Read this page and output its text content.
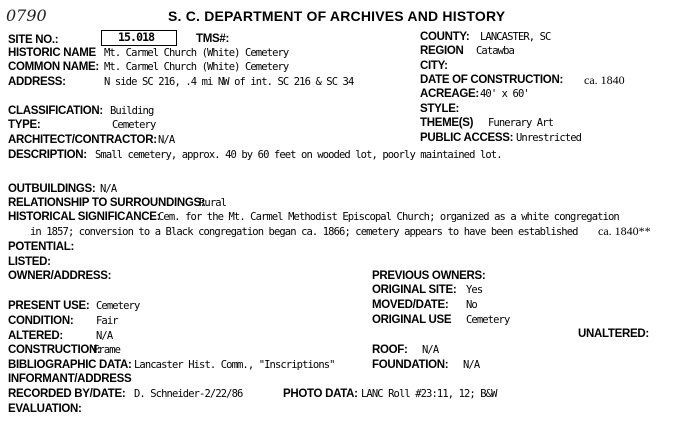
0790	S. C. DEPARTMENT OF ARCHIVES AND HISTORY
SITE NO.:	15.018	TMS#:
HISTORIC NAME Mt. Carmel Church (White) Cemetery
COMMON NAME: Mt. Carmel Church (White) Cemetery
ADDRESS:	N side SC 216, .4 mi NW of int. SC 216 & SC 34
CLASSIFICATION: Building
TYPE:	Cemetery
ARCHITECT/CONTRACTOR: N/A
DESCRIPTION: Small cemetery, approx. 40 by 60 feet on wooded lot, poorly maintained lot.
COUNTY: LANCASTER, SC
REGION Catawba
CITY:
DATE OF CONSTRUCTION: ca. 1840
ACREAGE: 40' x 60'
STYLE:
THEME(S) Funerary Art
PUBLIC ACCESS: Unrestricted
OUTBUILDINGS: N/A
RELATIONSHIP TO SURROUNDINGS:
Rural
HISTORICAL SIGNIFICANCE:
Cem. for the Mt. Carmel Methodist Episcopal Church; organized as a white congregation
in 1857; conversion to a Black congregation began ca. 1866; cemetery appears to have been established ca. 1840**
POTENTIAL:
LISTED:
OWNER/ADDRESS:
PRESENT USE: Cemetery
CONDITION: Fair
ALTERED:	N/A
CONSTRUCTION:
Frame
BIBLIOGRAPHIC DATA: Lancaster Hist. Comm., "Inscriptions"
INFORMANT/ADDRESS
RECORDED BY/DATE: D. Schneider-2/22/86	PHOTO DATA: LANC Roll #23:11, 12; B&W
EVALUATION:
PREVIOUS OWNERS:
ORIGINAL SITE: Yes
MOVED/DATE: No
ORIGINAL USE Cemetery
UNALTERED:
ROOF: N/A
FOUNDATION: N/A
